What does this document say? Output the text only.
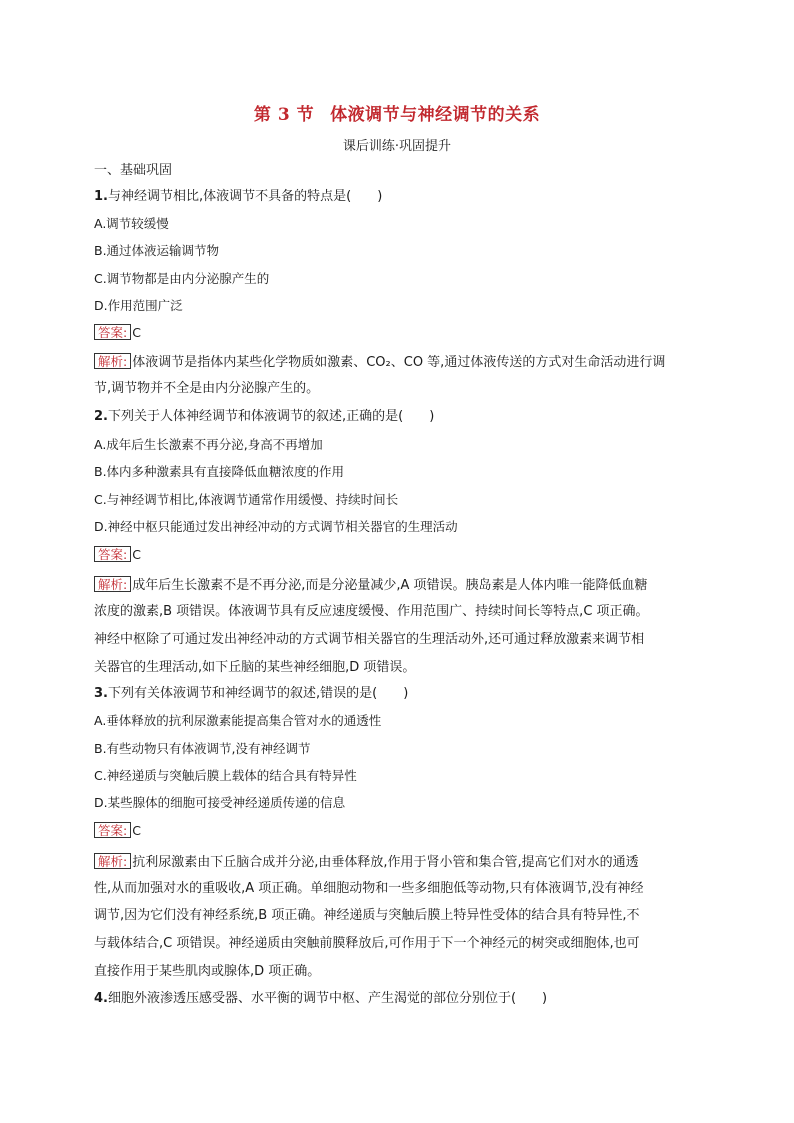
第 3 节 体液调节与神经调节的关系
课后训练·巩固提升
一、基础巩固
1.与神经调节相比,体液调节不具备的特点是(　　)
A.调节较缓慢
B.通过体液运输调节物
C.调节物都是由内分泌腺产生的
D.作用范围广泛
答案: C
解析: 体液调节是指体内某些化学物质如激素、CO₂、CO 等,通过体液传送的方式对生命活动进行调
节,调节物并不全是由内分泌腺产生的。
2.下列关于人体神经调节和体液调节的叙述,正确的是(　　)
A.成年后生长激素不再分泌,身高不再增加
B.体内多种激素具有直接降低血糖浓度的作用
C.与神经调节相比,体液调节通常作用缓慢、持续时间长
D.神经中枢只能通过发出神经冲动的方式调节相关器官的生理活动
答案: C
解析: 成年后生长激素不是不再分泌,而是分泌量减少,A 项错误。胰岛素是人体内唯一能降低血糖
浓度的激素,B 项错误。体液调节具有反应速度缓慢、作用范围广、持续时间长等特点,C 项正确。
神经中枢除了可通过发出神经冲动的方式调节相关器官的生理活动外,还可通过释放激素来调节相
关器官的生理活动,如下丘脑的某些神经细胞,D 项错误。
3.下列有关体液调节和神经调节的叙述,错误的是(　　)
A.垂体释放的抗利尿激素能提高集合管对水的通透性
B.有些动物只有体液调节,没有神经调节
C.神经递质与突触后膜上载体的结合具有特异性
D.某些腺体的细胞可接受神经递质传递的信息
答案: C
解析: 抗利尿激素由下丘脑合成并分泌,由垂体释放,作用于肾小管和集合管,提高它们对水的通透
性,从而加强对水的重吸收,A 项正确。单细胞动物和一些多细胞低等动物,只有体液调节,没有神经
调节,因为它们没有神经系统,B 项正确。神经递质与突触后膜上特异性受体的结合具有特异性,不
与载体结合,C 项错误。神经递质由突触前膜释放后,可作用于下一个神经元的树突或细胞体,也可
直接作用于某些肌肉或腺体,D 项正确。
4.细胞外液渗透压感受器、水平衡的调节中枢、产生渴觉的部位分别位于(　　)
